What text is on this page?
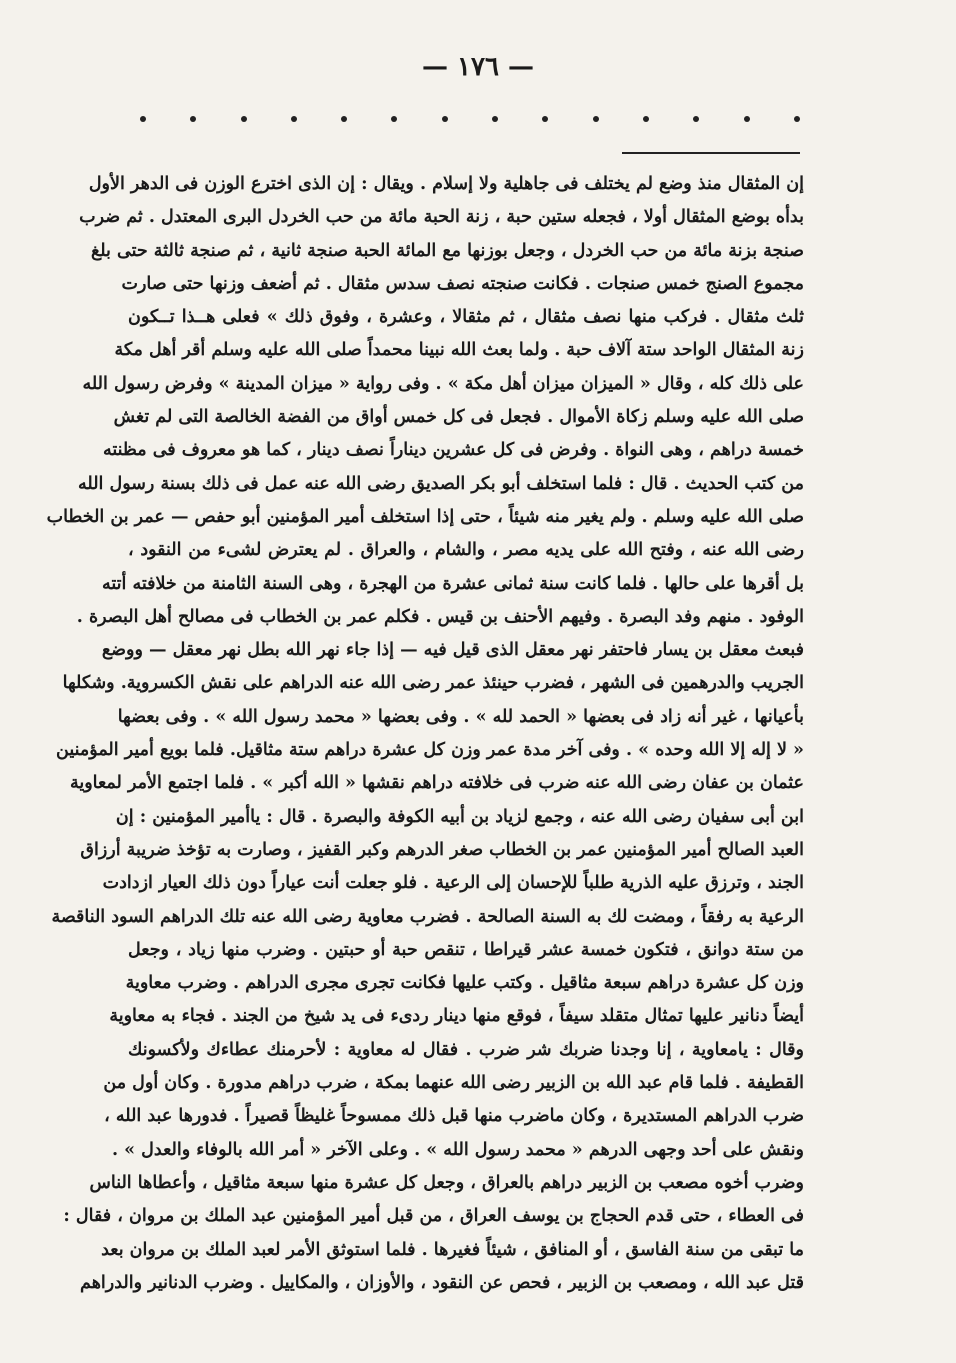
— ١٧٦ —
إن المثقال منذ وضع لم يختلف فى جاهلية ولا إسلام . ويقال : إن الذى اخترع الوزن فى الدهر الأول
بدأه بوضع المثقال أولا ، فجعله ستين حبة ، زنة الحبة مائة من حب الخردل البرى المعتدل . ثم ضرب
صنجة بزنة مائة من حب الخردل ، وجعل بوزنها مع المائة الحبة صنجة ثانية ، ثم صنجة ثالثة حتى بلغ
مجموع الصنج خمس صنجات . فكانت صنجته نصف سدس مثقال . ثم أضعف وزنها حتى صارت
ثلث مثقال . فركب منها نصف مثقال ، ثم مثقالا ، وعشرة ، وفوق ذلك » فعلى هــذا تــكون
زنة المثقال الواحد ستة آلاف حبة . ولما بعث الله نبينا محمداً صلى الله عليه وسلم أقر أهل مكة
على ذلك كله ، وقال « الميزان ميزان أهل مكة » . وفى رواية « ميزان المدينة » وفرض رسول الله
صلى الله عليه وسلم زكاة الأموال . فجعل فى كل خمس أواق من الفضة الخالصة التى لم تغش
خمسة دراهم ، وهى النواة . وفرض فى كل عشرين ديناراً نصف دينار ، كما هو معروف فى مظنته
من كتب الحديث . قال : فلما استخلف أبو بكر الصديق رضى الله عنه عمل فى ذلك بسنة رسول الله
صلى الله عليه وسلم . ولم يغير منه شيئاً ، حتى إذا استخلف أمير المؤمنين أبو حفص — عمر بن الخطاب
رضى الله عنه ، وفتح الله على يديه مصر ، والشام ، والعراق . لم يعترض لشىء من النقود ،
بل أقرها على حالها . فلما كانت سنة ثمانى عشرة من الهجرة ، وهى السنة الثامنة من خلافته أتته
الوفود . منهم وفد البصرة . وفيهم الأحنف بن قيس . فكلم عمر بن الخطاب فى مصالح أهل البصرة .
فبعث معقل بن يسار فاحتفر نهر معقل الذى قيل فيه — إذا جاء نهر الله بطل نهر معقل — ووضع
الجريب والدرهمين فى الشهر ، فضرب حينئذ عمر رضى الله عنه الدراهم على نقش الكسروية. وشكلها
بأعيانها ، غير أنه زاد فى بعضها « الحمد لله » . وفى بعضها « محمد رسول الله » . وفى بعضها
« لا إله إلا الله وحده » . وفى آخر مدة عمر وزن كل عشرة دراهم ستة مثاقيل. فلما بويع أمير المؤمنين
عثمان بن عفان رضى الله عنه ضرب فى خلافته دراهم نقشها « الله أكبر » . فلما اجتمع الأمر لمعاوية
ابن أبى سفيان رضى الله عنه ، وجمع لزياد بن أبيه الكوفة والبصرة . قال : ياأمير المؤمنين : إن
العبد الصالح أمير المؤمنين عمر بن الخطاب صغر الدرهم وكبر القفيز ، وصارت به تؤخذ ضريبة أرزاق
الجند ، وترزق عليه الذرية طلباً للإحسان إلى الرعية . فلو جعلت أنت عياراً دون ذلك العيار ازدادت
الرعية به رفقاً ، ومضت لك به السنة الصالحة . فضرب معاوية رضى الله عنه تلك الدراهم السود الناقصة
من ستة دوانق ، فتكون خمسة عشر قيراطا ، تنقص حبة أو حبتين . وضرب منها زياد ، وجعل
وزن كل عشرة دراهم سبعة مثاقيل . وكتب عليها فكانت تجرى مجرى الدراهم . وضرب معاوية
أيضاً دنانير عليها تمثال متقلد سيفاً ، فوقع منها دينار ردىء فى يد شيخ من الجند . فجاء به معاوية
وقال : يامعاوية ، إنا وجدنا ضربك شر ضرب . فقال له معاوية : لأحرمنك عطاءك ولأكسونك
القطيفة . فلما قام عبد الله بن الزبير رضى الله عنهما بمكة ، ضرب دراهم مدورة . وكان أول من
ضرب الدراهم المستديرة ، وكان ماضرب منها قبل ذلك ممسوحاً غليظاً قصيراً . فدورها عبد الله ،
ونقش على أحد وجهى الدرهم « محمد رسول الله » . وعلى الآخر « أمر الله بالوفاء والعدل » .
وضرب أخوه مصعب بن الزبير دراهم بالعراق ، وجعل كل عشرة منها سبعة مثاقيل ، وأعطاها الناس
فى العطاء ، حتى قدم الحجاج بن يوسف العراق ، من قبل أمير المؤمنين عبد الملك بن مروان ، فقال :
ما تبقى من سنة الفاسق ، أو المنافق ، شيئاً فغيرها . فلما استوثق الأمر لعبد الملك بن مروان بعد
قتل عبد الله ، ومصعب بن الزبير ، فحص عن النقود ، والأوزان ، والمكاييل . وضرب الدنانير والدراهم
